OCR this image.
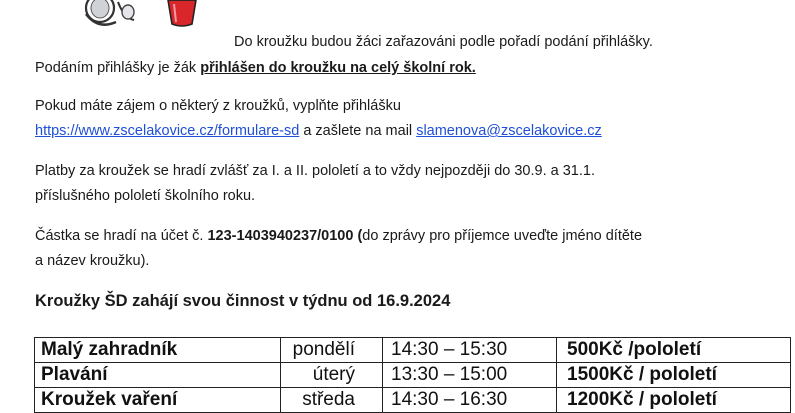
Do kroužku budou žáci zařazováni podle pořadí podání přihlášky.
Podáním přihlášky je žák přihlášen do kroužku na celý školní rok.
Pokud máte zájem o některý z kroužků, vyplňte přihlášku
https://www.zscelakovice.cz/formulare-sd a zašlete na mail slamenova@zscelakovice.cz
Platby za kroužek se hradí zvlášť za I. a II. pololetí a to vždy nejpozději do 30.9. a 31.1.
příslušného pololetí školního roku.
Částka se hradí na účet č. 123-1403940237/0100 (do zprávy pro příjemce uveďte jméno dítěte
a název kroužku).
Kroužky ŠD zahájí svou činnost v týdnu od 16.9.2024
Malý zahradník	pondělí	14:30 – 15:30	500Kč /pololetí
Plavání	úterý	13:30 – 15:00	1500Kč / pololetí
Kroužek vaření	středa	14:30 – 16:30	1200Kč / pololetí
